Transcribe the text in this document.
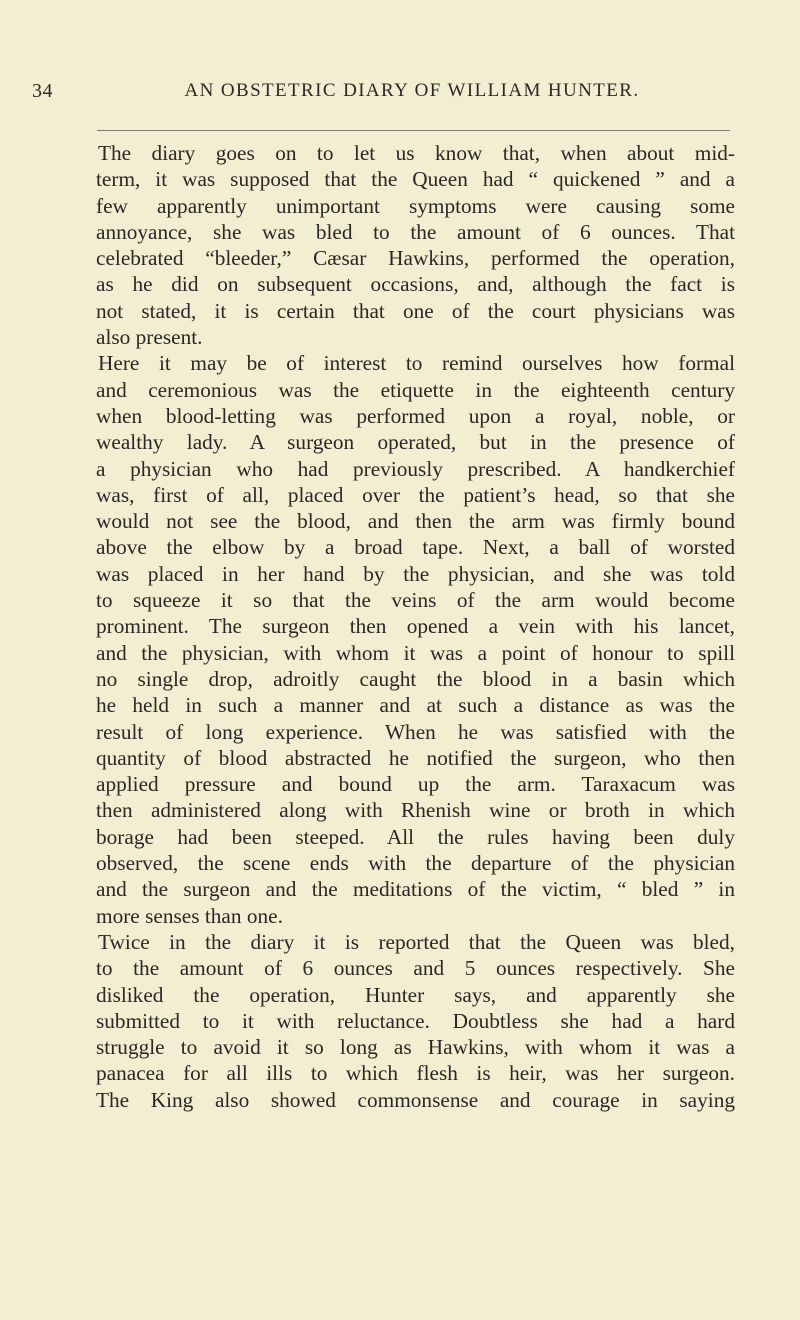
34	AN OBSTETRIC DIARY OF WILLIAM HUNTER.
The diary goes on to let us know that, when about mid-
term, it was supposed that the Queen had “ quickened ” and a
few apparently unimportant symptoms were causing some
annoyance, she was bled to the amount of 6 ounces. That
celebrated “bleeder,” Cæsar Hawkins, performed the operation,
as he did on subsequent occasions, and, although the fact is
not stated, it is certain that one of the court physicians was
also present.
Here it may be of interest to remind ourselves how formal
and ceremonious was the etiquette in the eighteenth century
when blood-letting was performed upon a royal, noble, or
wealthy lady. A surgeon operated, but in the presence of
a physician who had previously prescribed. A handkerchief
was, first of all, placed over the patient’s head, so that she
would not see the blood, and then the arm was firmly bound
above the elbow by a broad tape. Next, a ball of worsted
was placed in her hand by the physician, and she was told
to squeeze it so that the veins of the arm would become
prominent. The surgeon then opened a vein with his lancet,
and the physician, with whom it was a point of honour to spill
no single drop, adroitly caught the blood in a basin which
he held in such a manner and at such a distance as was the
result of long experience. When he was satisfied with the
quantity of blood abstracted he notified the surgeon, who then
applied pressure and bound up the arm. Taraxacum was
then administered along with Rhenish wine or broth in which
borage had been steeped. All the rules having been duly
observed, the scene ends with the departure of the physician
and the surgeon and the meditations of the victim, “ bled ” in
more senses than one.
Twice in the diary it is reported that the Queen was bled,
to the amount of 6 ounces and 5 ounces respectively. She
disliked the operation, Hunter says, and apparently she
submitted to it with reluctance. Doubtless she had a hard
struggle to avoid it so long as Hawkins, with whom it was a
panacea for all ills to which flesh is heir, was her surgeon.
The King also showed commonsense and courage in saying
